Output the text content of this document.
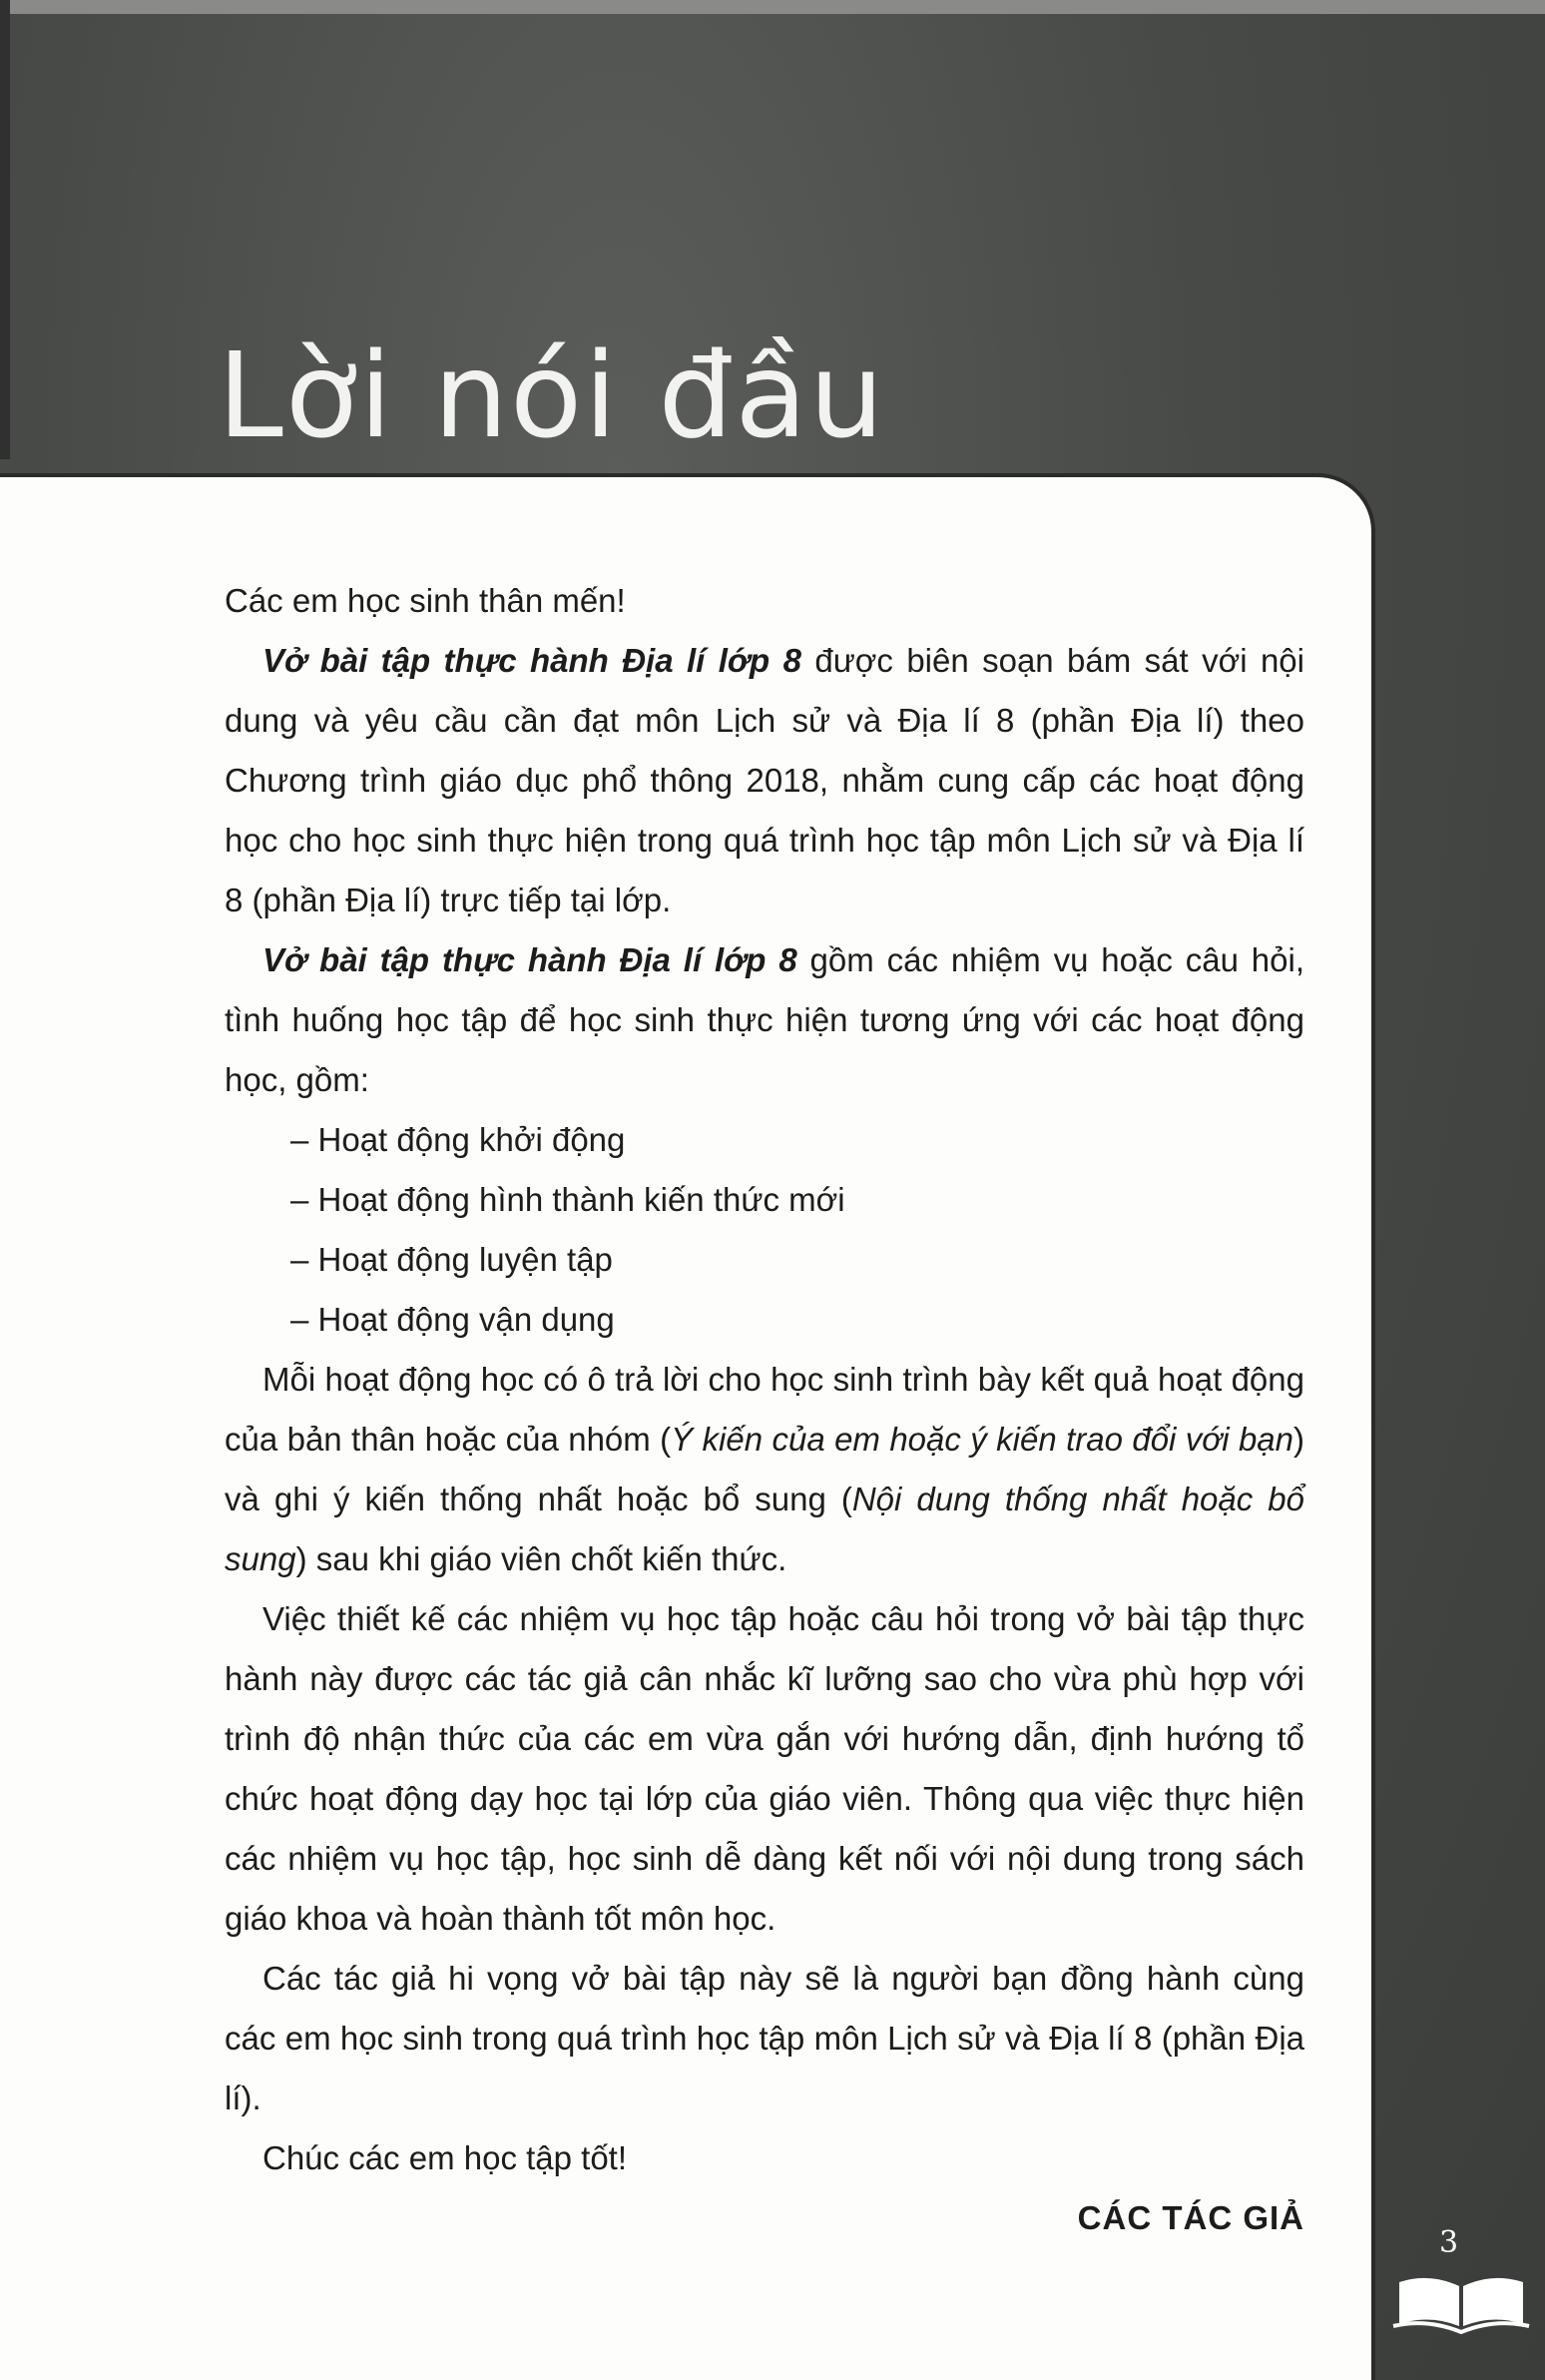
Lời nói đầu

Các em học sinh thân mến!

Vở bài tập thực hành Địa lí lớp 8 được biên soạn bám sát với nội dung và yêu cầu cần đạt môn Lịch sử và Địa lí 8 (phần Địa lí) theo Chương trình giáo dục phổ thông 2018, nhằm cung cấp các hoạt động học cho học sinh thực hiện trong quá trình học tập môn Lịch sử và Địa lí 8 (phần Địa lí) trực tiếp tại lớp.

Vở bài tập thực hành Địa lí lớp 8 gồm các nhiệm vụ hoặc câu hỏi, tình huống học tập để học sinh thực hiện tương ứng với các hoạt động học, gồm:

– Hoạt động khởi động

– Hoạt động hình thành kiến thức mới

– Hoạt động luyện tập

– Hoạt động vận dụng

Mỗi hoạt động học có ô trả lời cho học sinh trình bày kết quả hoạt động của bản thân hoặc của nhóm (Ý kiến của em hoặc ý kiến trao đổi với bạn) và ghi ý kiến thống nhất hoặc bổ sung (Nội dung thống nhất hoặc bổ sung) sau khi giáo viên chốt kiến thức.

Việc thiết kế các nhiệm vụ học tập hoặc câu hỏi trong vở bài tập thực hành này được các tác giả cân nhắc kĩ lưỡng sao cho vừa phù hợp với trình độ nhận thức của các em vừa gắn với hướng dẫn, định hướng tổ chức hoạt động dạy học tại lớp của giáo viên. Thông qua việc thực hiện các nhiệm vụ học tập, học sinh dễ dàng kết nối với nội dung trong sách giáo khoa và hoàn thành tốt môn học.

Các tác giả hi vọng vở bài tập này sẽ là người bạn đồng hành cùng các em học sinh trong quá trình học tập môn Lịch sử và Địa lí 8 (phần Địa lí).

Chúc các em học tập tốt!

CÁC TÁC GIẢ

3
